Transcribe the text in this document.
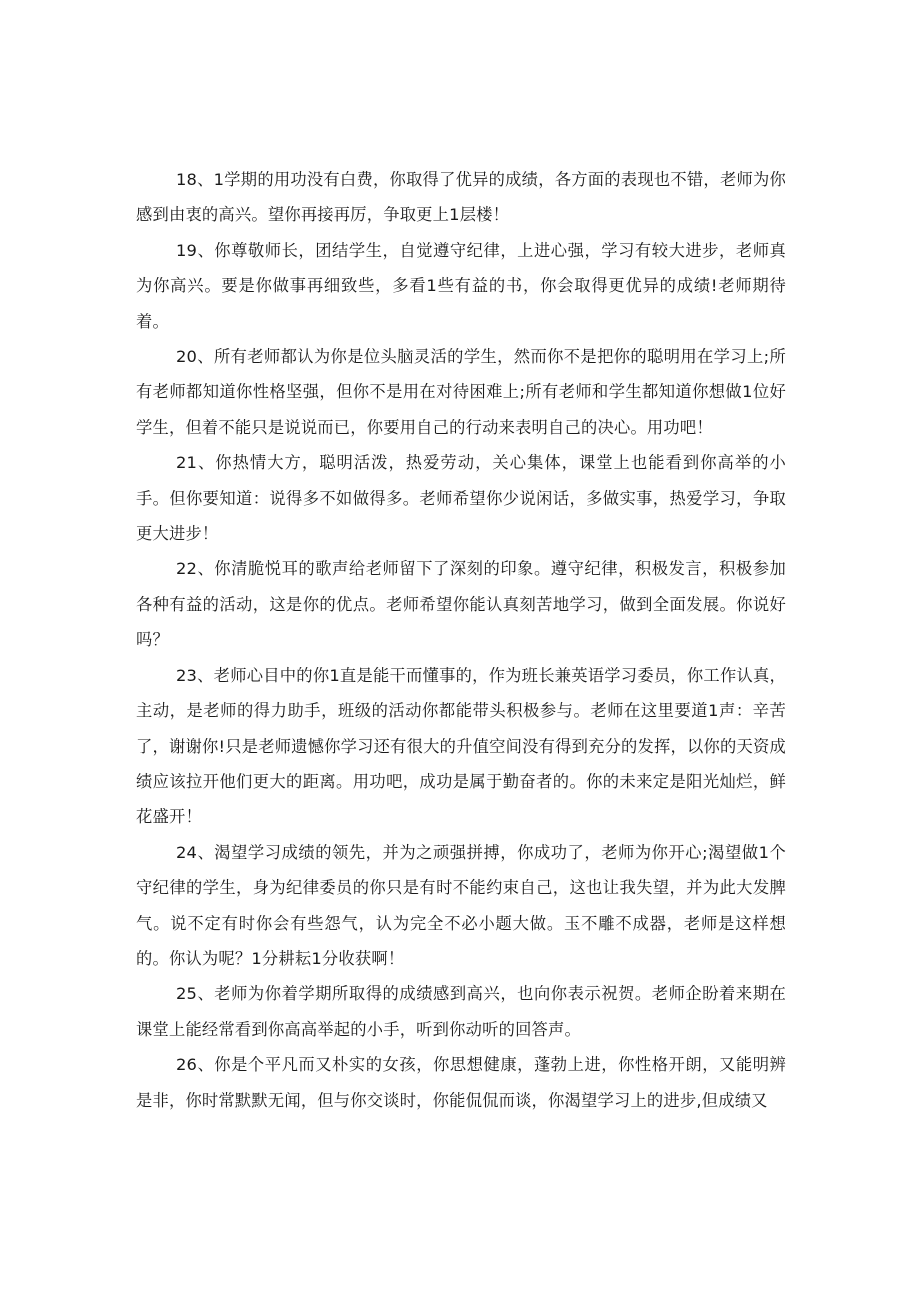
18、1学期的用功没有白费，你取得了优异的成绩，各方面的表现也不错，老师为你感到由衷的高兴。望你再接再厉，争取更上1层楼！

19、你尊敬师长，团结学生，自觉遵守纪律，上进心强，学习有较大进步，老师真为你高兴。要是你做事再细致些，多看1些有益的书，你会取得更优异的成绩!老师期待着。

20、所有老师都认为你是位头脑灵活的学生，然而你不是把你的聪明用在学习上;所有老师都知道你性格坚强，但你不是用在对待困难上;所有老师和学生都知道你想做1位好学生，但着不能只是说说而已，你要用自己的行动来表明自己的决心。用功吧！

21、你热情大方，聪明活泼，热爱劳动，关心集体，课堂上也能看到你高举的小手。但你要知道：说得多不如做得多。老师希望你少说闲话，多做实事，热爱学习，争取更大进步！

22、你清脆悦耳的歌声给老师留下了深刻的印象。遵守纪律，积极发言，积极参加各种有益的活动，这是你的优点。老师希望你能认真刻苦地学习，做到全面发展。你说好吗？

23、老师心目中的你1直是能干而懂事的，作为班长兼英语学习委员，你工作认真，主动，是老师的得力助手，班级的活动你都能带头积极参与。老师在这里要道1声：辛苦了，谢谢你!只是老师遗憾你学习还有很大的升值空间没有得到充分的发挥，以你的天资成绩应该拉开他们更大的距离。用功吧，成功是属于勤奋者的。你的未来定是阳光灿烂，鲜花盛开！

24、渴望学习成绩的领先，并为之顽强拼搏，你成功了，老师为你开心;渴望做1个守纪律的学生，身为纪律委员的你只是有时不能约束自己，这也让我失望，并为此大发脾气。说不定有时你会有些怨气，认为完全不必小题大做。玉不雕不成器，老师是这样想的。你认为呢？1分耕耘1分收获啊！

25、老师为你着学期所取得的成绩感到高兴，也向你表示祝贺。老师企盼着来期在课堂上能经常看到你高高举起的小手，听到你动听的回答声。

26、你是个平凡而又朴实的女孩，你思想健康，蓬勃上进，你性格开朗，又能明辨是非，你时常默默无闻，但与你交谈时，你能侃侃而谈，你渴望学习上的进步,但成绩又
